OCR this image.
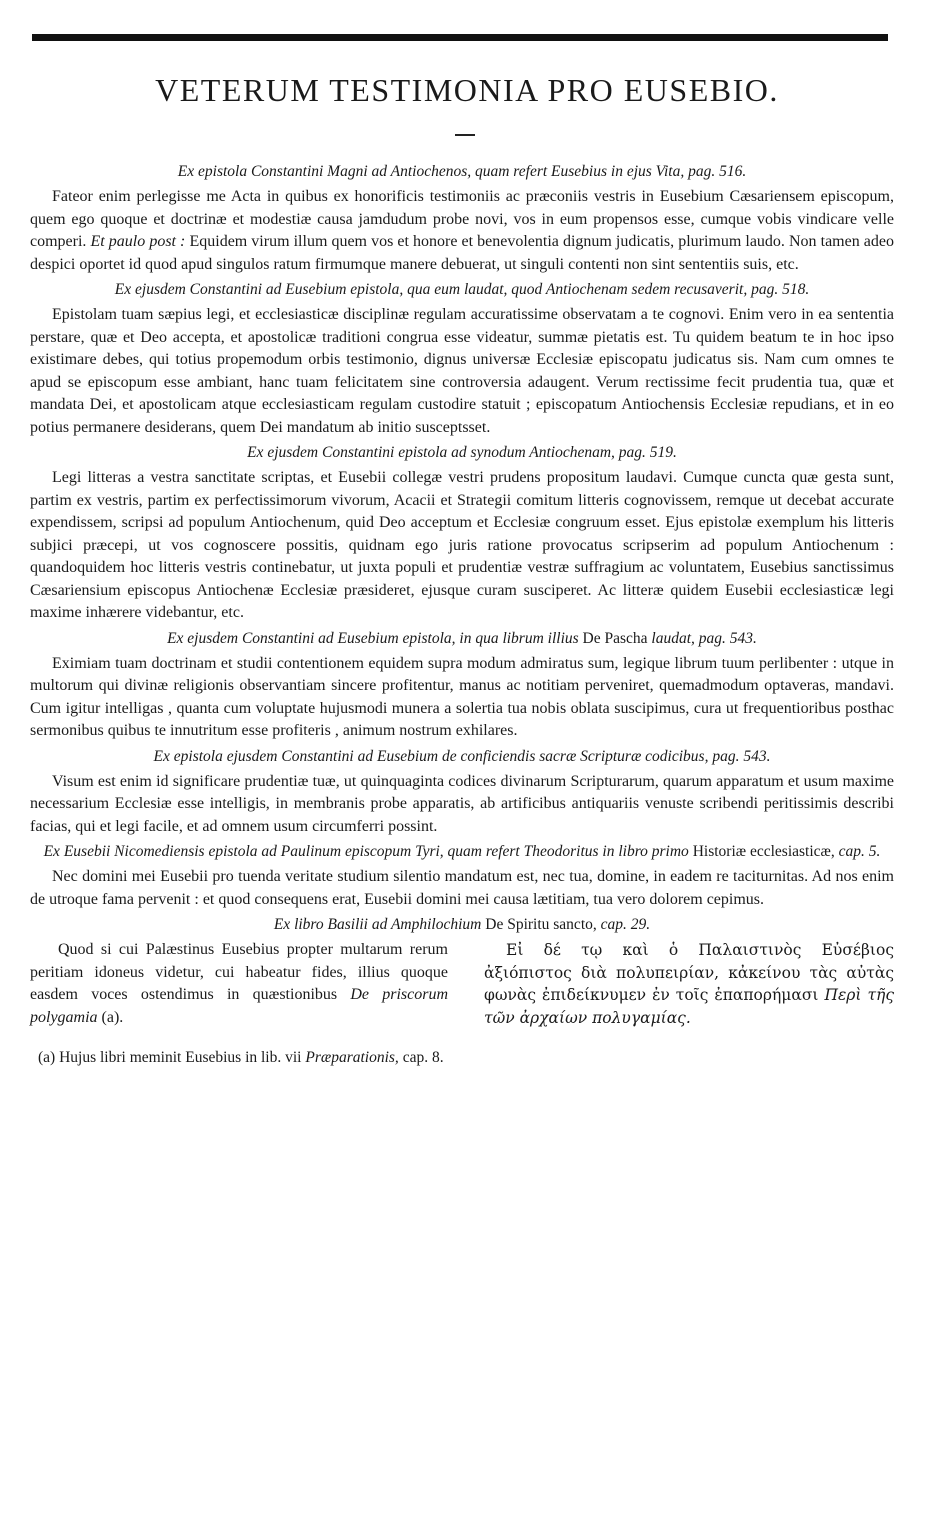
VETERUM TESTIMONIA PRO EUSEBIO.

Ex epistola Constantini Magni ad Antiochenos, quam refert Eusebius in ejus Vita, pag. 516.

Fateor enim perlegisse me Acta in quibus ex honorificis testimoniis ac præconiis vestris in Eusebium Cæsariensem episcopum, quem ego quoque et doctrinæ et modestiæ causa jamdudum probe novi, vos in eum propensos esse, cumque vobis vindicare velle comperi. Et paulo post : Equidem virum illum quem vos et honore et benevolentia dignum judicatis, plurimum laudo. Non tamen adeo despici oportet id quod apud singulos ratum firmumque manere debuerat, ut singuli contenti non sint sententiis suis, etc.

Ex ejusdem Constantini ad Eusebium epistola, qua eum laudat, quod Antiochenam sedem recusaverit, pag. 518.

Epistolam tuam sæpius legi, et ecclesiasticæ disciplinæ regulam accuratissime observatam a te cognovi. Enim vero in ea sententia perstare, quæ et Deo accepta, et apostolicæ traditioni congrua esse videatur, summæ pietatis est. Tu quidem beatum te in hoc ipso existimare debes, qui totius propemodum orbis testimonio, dignus universæ Ecclesiæ episcopatu judicatus sis. Nam cum omnes te apud se episcopum esse ambiant, hanc tuam felicitatem sine controversia adaugent. Verum rectissime fecit prudentia tua, quæ et mandata Dei, et apostolicam atque ecclesiasticam regulam custodire statuit ; episcopatum Antiochensis Ecclesiæ repudians, et in eo potius permanere desiderans, quem Dei mandatum ab initio susceptsset.

Ex ejusdem Constantini epistola ad synodum Antiochenam, pag. 519.

Legi litteras a vestra sanctitate scriptas, et Eusebii collegæ vestri prudens propositum laudavi. Cumque cuncta quæ gesta sunt, partim ex vestris, partim ex perfectissimorum vivorum, Acacii et Strategii comitum litteris cognovissem, remque ut decebat accurate expendissem, scripsi ad populum Antiochenum, quid Deo acceptum et Ecclesiæ congruum esset. Ejus epistolæ exemplum his litteris subjici præcepi, ut vos cognoscere possitis, quidnam ego juris ratione provocatus scripserim ad populum Antiochenum : quandoquidem hoc litteris vestris continebatur, ut juxta populi et prudentiæ vestræ suffragium ac voluntatem, Eusebius sanctissimus Cæsariensium episcopus Antiochenæ Ecclesiæ præsideret, ejusque curam susciperet. Ac litteræ quidem Eusebii ecclesiasticæ legi maxime inhærere videbantur, etc.

Ex ejusdem Constantini ad Eusebium epistola, in qua librum illius De Pascha laudat, pag. 543.

Eximiam tuam doctrinam et studii contentionem equidem supra modum admiratus sum, legique librum tuum perlibenter : utque in multorum qui divinæ religionis observantiam sincere profitentur, manus ac notitiam perveniret, quemadmodum optaveras, mandavi. Cum igitur intelligas , quanta cum voluptate hujusmodi munera a solertia tua nobis oblata suscipimus, cura ut frequentioribus posthac sermonibus quibus te innutritum esse profiteris , animum nostrum exhilares.

Ex epistola ejusdem Constantini ad Eusebium de conficiendis sacræ Scripturæ codicibus, pag. 543.

Visum est enim id significare prudentiæ tuæ, ut quinquaginta codices divinarum Scripturarum, quarum apparatum et usum maxime necessarium Ecclesiæ esse intelligis, in membranis probe apparatis, ab artificibus antiquariis venuste scribendi peritissimis describi facias, qui et legi facile, et ad omnem usum circumferri possint.

Ex Eusebii Nicomediensis epistola ad Paulinum episcopum Tyri, quam refert Theodoritus in libro primo Historiæ ecclesiasticæ, cap. 5.

Nec domini mei Eusebii pro tuenda veritate studium silentio mandatum est, nec tua, domine, in eadem re taciturnitas. Ad nos enim de utroque fama pervenit : et quod consequens erat, Eusebii domini mei causa lætitiam, tua vero dolorem cepimus.

Ex libro Basilii ad Amphilochium De Spiritu sancto, cap. 29.

Quod si cui Palæstinus Eusebius propter multarum rerum peritiam idoneus videtur, cui habeatur fides, illius quoque easdem voces ostendimus in quæstionibus De priscorum polygamia (a).
Εἰ δέ τῳ καὶ ὁ Παλαιστινὸς Εὐσέβιος ἀξιόπιστος διὰ πολυπειρίαν, κἀκείνου τὰς αὐτὰς φωνὰς ἐπιδείκνυμεν ἐν τοῖς ἐπαπορήμασι Περὶ τῆς τῶν ἀρχαίων πολυγαμίας.
(a) Hujus libri meminit Eusebius in lib. vii Præparationis, cap. 8.
